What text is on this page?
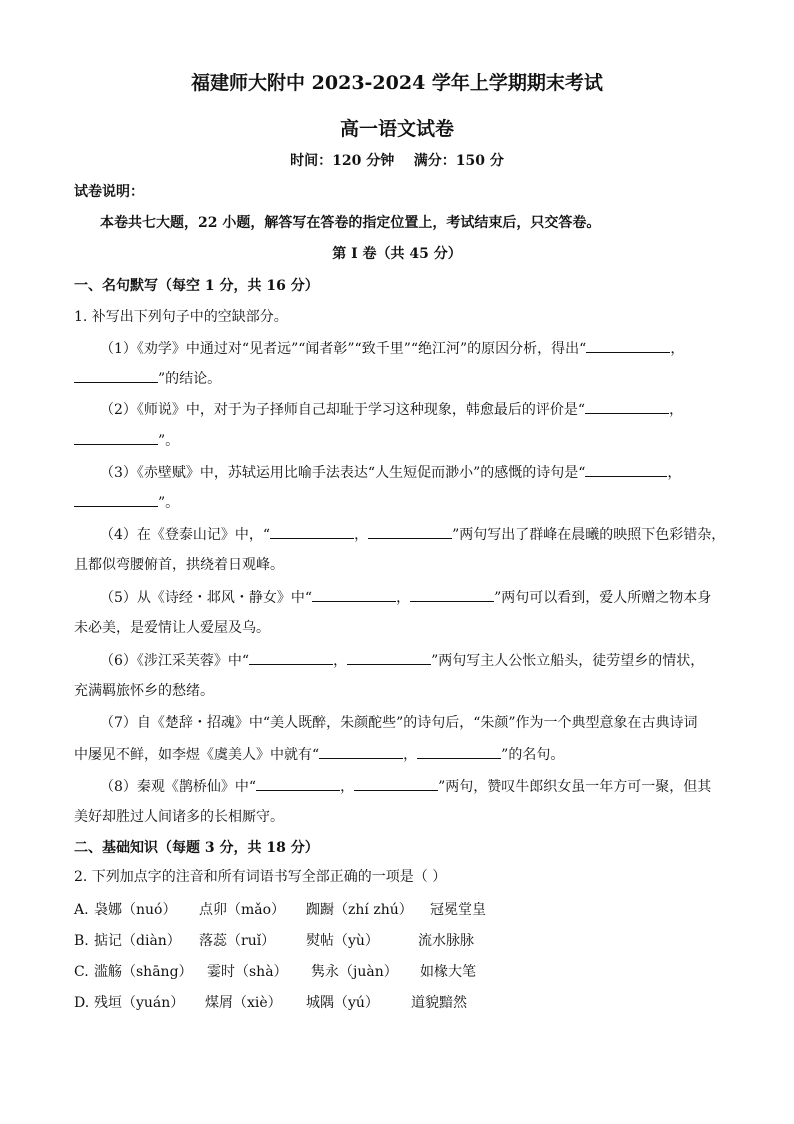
福建师大附中 2023-2024 学年上学期期末考试
高一语文试卷
时间：120 分钟    满分：150 分
试卷说明：
本卷共七大题，22 小题，解答写在答卷的指定位置上，考试结束后，只交答卷。
第 I 卷（共 45 分）
一、名句默写（每空 1 分，共 16 分）
1. 补写出下列句子中的空缺部分。
（1）《劝学》中通过对“见者远”“闻者彰”“致千里”“绝江河”的原因分析，得出“	，
”的结论。
（2）《师说》中，对于为子择师自己却耻于学习这种现象，韩愈最后的评价是“	，
”。
（3）《赤壁赋》中，苏轼运用比喻手法表达“人生短促而渺小”的感慨的诗句是“	，
”。
（4）在《登泰山记》中，“	，	”两句写出了群峰在晨曦的映照下色彩错杂，
且都似弯腰俯首，拱绕着日观峰。
（5）从《诗经・邶风・静女》中“	，	”两句可以看到，爱人所赠之物本身
未必美，是爱情让人爱屋及乌。
（6）《涉江采芙蓉》中“	，	”两句写主人公怅立船头，徒劳望乡的情状，
充满羁旅怀乡的愁绪。
（7）自《楚辞・招魂》中“美人既醉，朱颜酡些”的诗句后，“朱颜”作为一个典型意象在古典诗词
中屡见不鲜，如李煜《虞美人》中就有“	，	”的名句。
（8）秦观《鹊桥仙》中“	，	”两句，赞叹牛郎织女虽一年方可一聚，但其
美好却胜过人间诸多的长相厮守。
二、基础知识（每题 3 分，共 18 分）
2. 下列加点字的注音和所有词语书写全部正确的一项是（ ）
A. 袅娜（nuó） 点卯（mǎo） 踟蹰（zhí zhú） 冠冕堂皇
B. 掂记（diàn） 落蕊（ruǐ） 熨帖（yù）	流水脉脉
C. 滥觞（shāng） 霎时（shà） 隽永（juàn） 如椽大笔
D. 残垣（yuán） 煤屑（xiè） 城隅（yú） 道貌黯然
